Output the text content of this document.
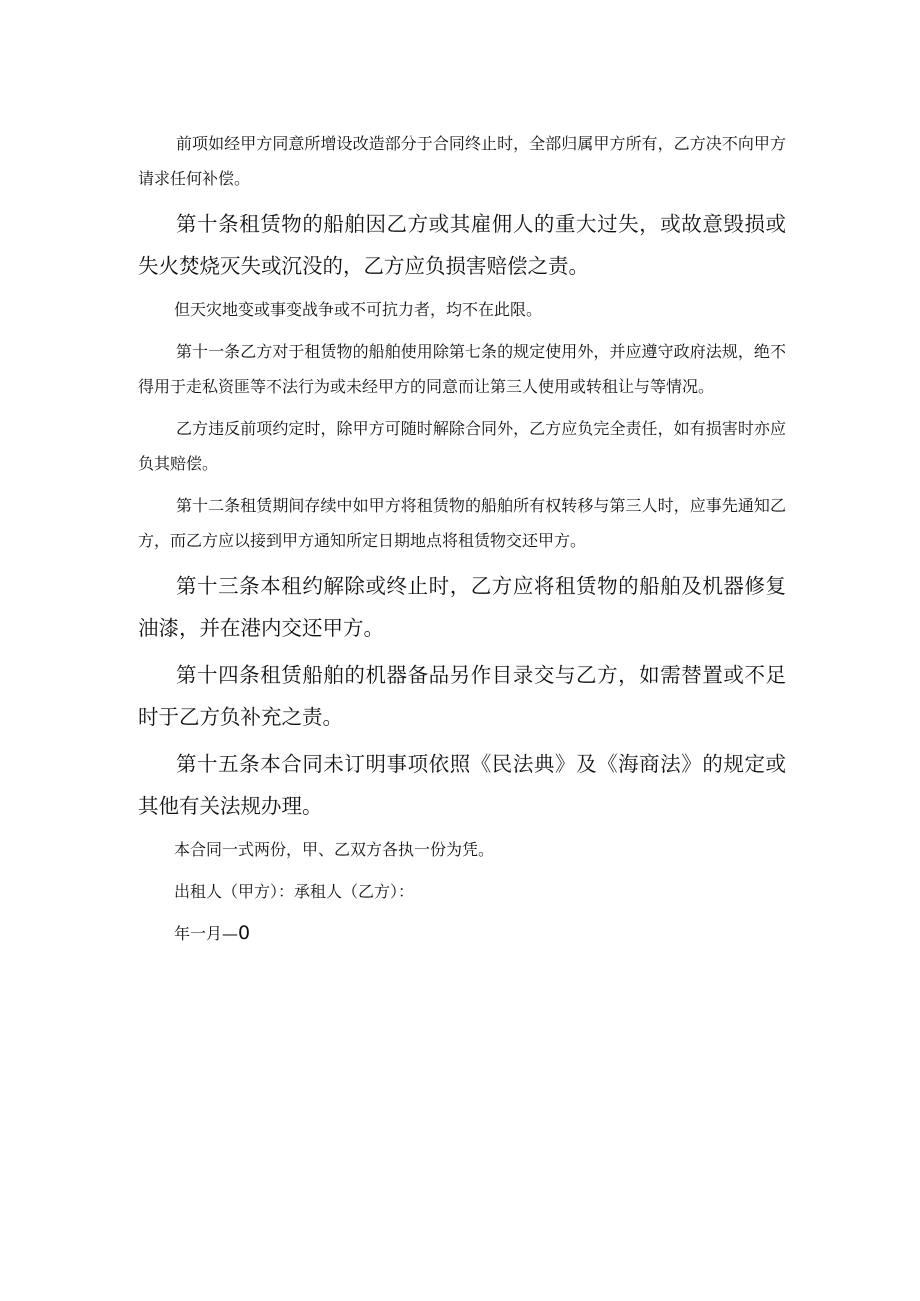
前项如经甲方同意所增设改造部分于合同终止时，全部归属甲方所有，乙方决不向甲方请求任何补偿。

第十条租赁物的船舶因乙方或其雇佣人的重大过失，或故意毁损或失火焚烧灭失或沉没的，乙方应负损害赔偿之责。

但天灾地变或事变战争或不可抗力者，均不在此限。

第十一条乙方对于租赁物的船舶使用除第七条的规定使用外，并应遵守政府法规，绝不得用于走私资匪等不法行为或未经甲方的同意而让第三人使用或转租让与等情况。

乙方违反前项约定时，除甲方可随时解除合同外，乙方应负完全责任，如有损害时亦应负其赔偿。

第十二条租赁期间存续中如甲方将租赁物的船舶所有权转移与第三人时，应事先通知乙方，而乙方应以接到甲方通知所定日期地点将租赁物交还甲方。

第十三条本租约解除或终止时，乙方应将租赁物的船舶及机器修复油漆，并在港内交还甲方。

第十四条租赁船舶的机器备品另作目录交与乙方，如需替置或不足时于乙方负补充之责。

第十五条本合同未订明事项依照《民法典》及《海商法》的规定或其他有关法规办理。

本合同一式两份，甲、乙双方各执一份为凭。

出租人（甲方）：承租人（乙方）：

年一月—0
